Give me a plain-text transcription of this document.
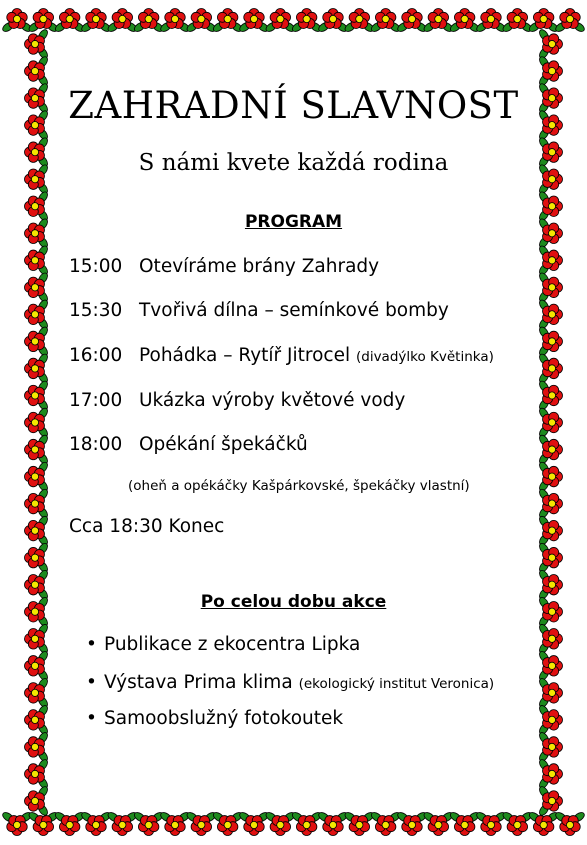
ZAHRADNÍ SLAVNOST
S námi kvete každá rodina
PROGRAM
15:00 Otevíráme brány Zahrady
15:30 Tvořivá dílna – semínkové bomby
16:00 Pohádka – Rytíř Jitrocel (divadýlko Květinka)
17:00 Ukázka výroby květové vody
18:00 Opékání špekáčků
(oheň a opékáčky Kašpárkovské, špekáčky vlastní)
Cca 18:30 Konec
Po celou dobu akce
• Publikace z ekocentra Lipka
• Výstava Prima klima (ekologický institut Veronica)
• Samoobslužný fotokoutek
